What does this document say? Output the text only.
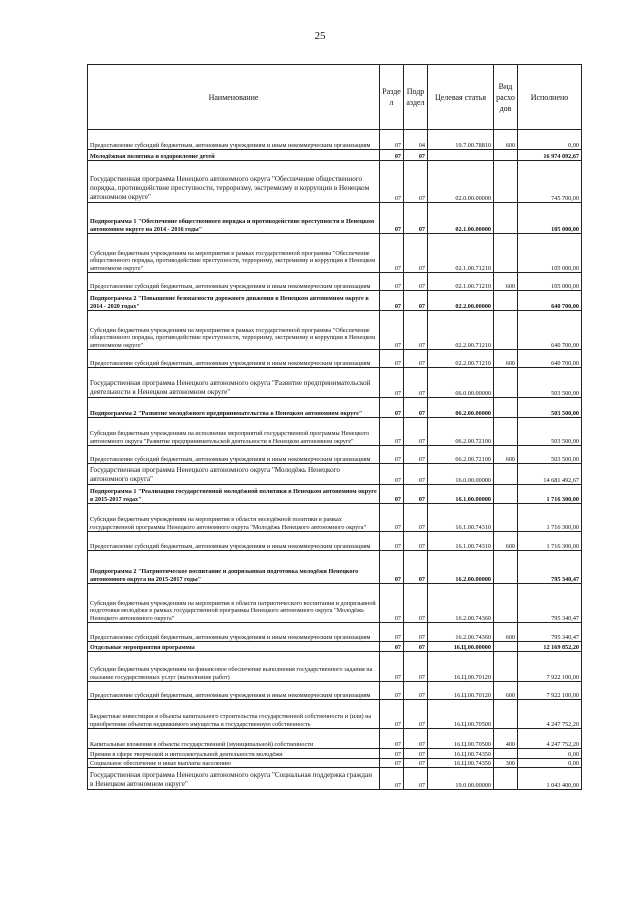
25
Наименование	Разде л	Подр аздел	Целевая статья	Вид расхо дов	Исполнено
Предоставление субсидий бюджетным, автономным учреждениям и иным некоммерческим организациям	07	04	19.7.00.78810	600	0,00
Молодёжная политика и оздоровление детей	07	07			16 974 092,67
Государственная программа Ненецкого автономного округа "Обеспечение общественного порядка, противодействие преступности, терроризму, экстремизму и коррупции в Ненецком автономном округе"	07	07	02.0.00.00000		745 700,00
Подпрограмма 1 "Обеспечение общественного порядка и противодействие преступности в Ненецком автономном округе на 2014 - 2016 годы"	07	07	02.1.00.00000		105 000,00
Субсидии бюджетным учреждениям на мероприятия в рамках государственной программы "Обеспечение общественного порядка, противодействие преступности, терроризму, экстремизму и коррупции в Ненецком автономном округе"	07	07	02.1.00.71210		105 000,00
Предоставление субсидий бюджетным, автономным учреждениям и иным некоммерческим организациям	07	07	02.1.00.71210	600	105 000,00
Подпрограмма 2 "Повышение безопасности дорожного движения в Ненецком автономном округе в 2014 - 2020 годах"	07	07	02.2.00.00000		640 700,00
Субсидии бюджетным учреждениям на мероприятия в рамках государственной программы "Обеспечение общественного порядка, противодействие преступности, терроризму, экстремизму и коррупции в Ненецком автономном округе"	07	07	02.2.00.71210		640 700,00
Предоставление субсидий бюджетным, автономным учреждениям и иным некоммерческим организациям	07	07	02.2.00.71210	600	640 700,00
Государственная программа Ненецкого автономного округа "Развитие предпринимательской деятельности в Ненецком автономном округе"	07	07	06.0.00.00000		503 500,00
Подпрограмма 2 "Развитие молодёжного предпринимательства в Ненецком автономном округе"	07	07	06.2.00.00000		503 500,00
Субсидии бюджетным учреждениям на исполнение мероприятий государственной программы Ненецкого автономного округа "Развитие предпринимательской деятельности в Ненецком автономном округе"	07	07	06.2.00.72100		503 500,00
Предоставление субсидий бюджетным, автономным учреждениям и иным некоммерческим организациям	07	07	06.2.00.72100	600	503 500,00
Государственная программа Ненецкого автономного округа "Молодёжь Ненецкого автономного округа"	07	07	16.0.00.00000		14 681 492,67
Подпрограмма 1 "Реализация государственной молодёжной политики в Ненецком автономном округе в 2015-2017 годах"	07	07	16.1.00.00000		1 716 300,00
Субсидии бюджетным учреждениям на мероприятия в области молодёжной политики в рамках государственной программы Ненецкого автономного округа "Молодёжь Ненецкого автономного округа"	07	07	16.1.00.74310		1 716 300,00
Предоставление субсидий бюджетным, автономным учреждениям и иным некоммерческим организациям	07	07	16.1.00.74310	600	1 716 300,00
Подпрограмма 2 "Патриотическое воспитание и допризывная подготовка молодёжи Ненецкого автономного округа на 2015-2017 годы"	07	07	16.2.00.00000		795 340,47
Субсидии бюджетным учреждениям на мероприятия в области патриотического воспитания и допризывной подготовки молодёжи в рамках государственной программы Ненецкого автономного округа "Молодёжь Ненецкого автономного округа"	07	07	16.2.00.74360		795 340,47
Предоставление субсидий бюджетным, автономным учреждениям и иным некоммерческим организациям	07	07	16.2.00.74360	600	795 340,47
Отдельные мероприятия программы	07	07	16.Ц.00.00000		12 169 852,20
Субсидии бюджетным учреждениям на финансовое обеспечение выполнения государственного задания на оказание государственных услуг (выполнение работ)	07	07	16.Ц.00.70120		7 922 100,00
Предоставление субсидий бюджетным, автономным учреждениям и иным некоммерческим организациям	07	07	16.Ц.00.70120	600	7 922 100,00
Бюджетные инвестиции в объекты капитального строительства государственной собственности и (или) на приобретение объектов недвижимого имущества в государственную собственность	07	07	16.Ц.00.70500		4 247 752,20
Капитальные вложения в объекты государственной (муниципальной) собственности	07	07	16.Ц.00.70500	400	4 247 752,20
Премии в сфере творческой и интеллектуальной деятельности молодёжи	07	07	16.Ц.00.74350		0,00
Социальное обеспечение и иные выплаты населению	07	07	16.Ц.00.74350	300	0,00
Государственная программа Ненецкого автономного округа "Социальная поддержка граждан в Ненецком автономном округе"	07	07	19.0.00.00000		1 043 400,00
